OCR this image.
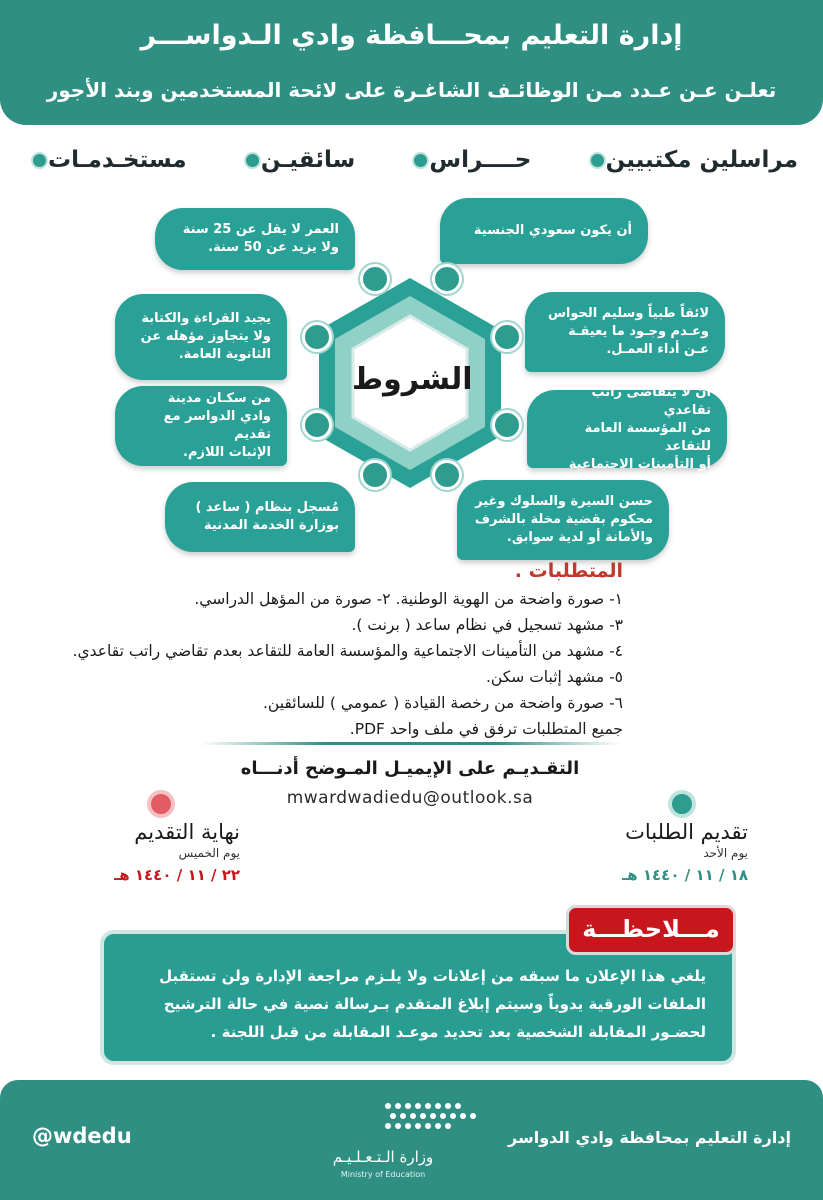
إدارة التعليم بمحـــافظة وادي الـدواســـر
تعلـن عـن عـدد مـن الوظائـف الشاغـرة على لائحة المستخدمين وبند الأجور
مراسلين مكتبيين
حــــراس
سائقيـن
مستخـدمـات
أن يكون سعودي الجنسية
لائقاً طبياً وسليم الحواس
وعـدم وجـود ما يعيقـة
عـن أداء العمـل.
أن لا يتقاضى راتب تقاعدي
من المؤسسة العامة للتقاعد
أو التأمينات الاجتماعية
حسن السيرة والسلوك وغير
محكوم بقضية مخلة بالشرف
والأمانة أو لدية سوابق.
العمر لا يقل عن 25 سنة
ولا يزيد عن 50 سنة.
يجيد القراءة والكتابة
ولا يتجاوز مؤهله عن
الثانوية العامة.
من سكـان مدينة
وادي الدواسر مع تقديم
الإثبات اللازم.
مُسجل بنظام ( ساعد )
بوزارة الخدمة المدنية
الشروط
المتطلبات .
١- صورة واضحة من الهوية الوطنية. ٢- صورة من المؤهل الدراسي.
٣- مشهد تسجيل في نظام ساعد ( برنت ).
٤- مشهد من التأمينات الاجتماعية والمؤسسة العامة للتقاعد بعدم تقاضي راتب تقاعدي.
٥- مشهد إثبات سكن.
٦- صورة واضحة من رخصة القيادة ( عمومي ) للسائقين.
جميع المتطلبات ترفق في ملف واحد PDF.
التقـديـم على الإيميـل المـوضح أدنـــاه
mwardwadiedu@outlook.sa
نهاية التقديم
يوم الخميس
٢٢ / ١١ / ١٤٤٠ هـ
تقديم الطلبات
يوم الأحد
١٨ / ١١ / ١٤٤٠ هـ
يلغي هذا الإعلان ما سبقه من إعلانات ولا يلـزم مراجعة الإدارة ولن تستقبل الملفات الورقية يدوياً وسيتم إبلاغ المتقدم بـرسالة نصية في حالة الترشيح لحضـور المقابلة الشخصية بعد تحديد موعـد المقابلة من قبل اللجنة .
مـــلاحظـــة
@wdedu
وزارة الـتـعـلـيـم
Ministry of Education
إدارة التعليم بمحافظة وادي الدواسر
